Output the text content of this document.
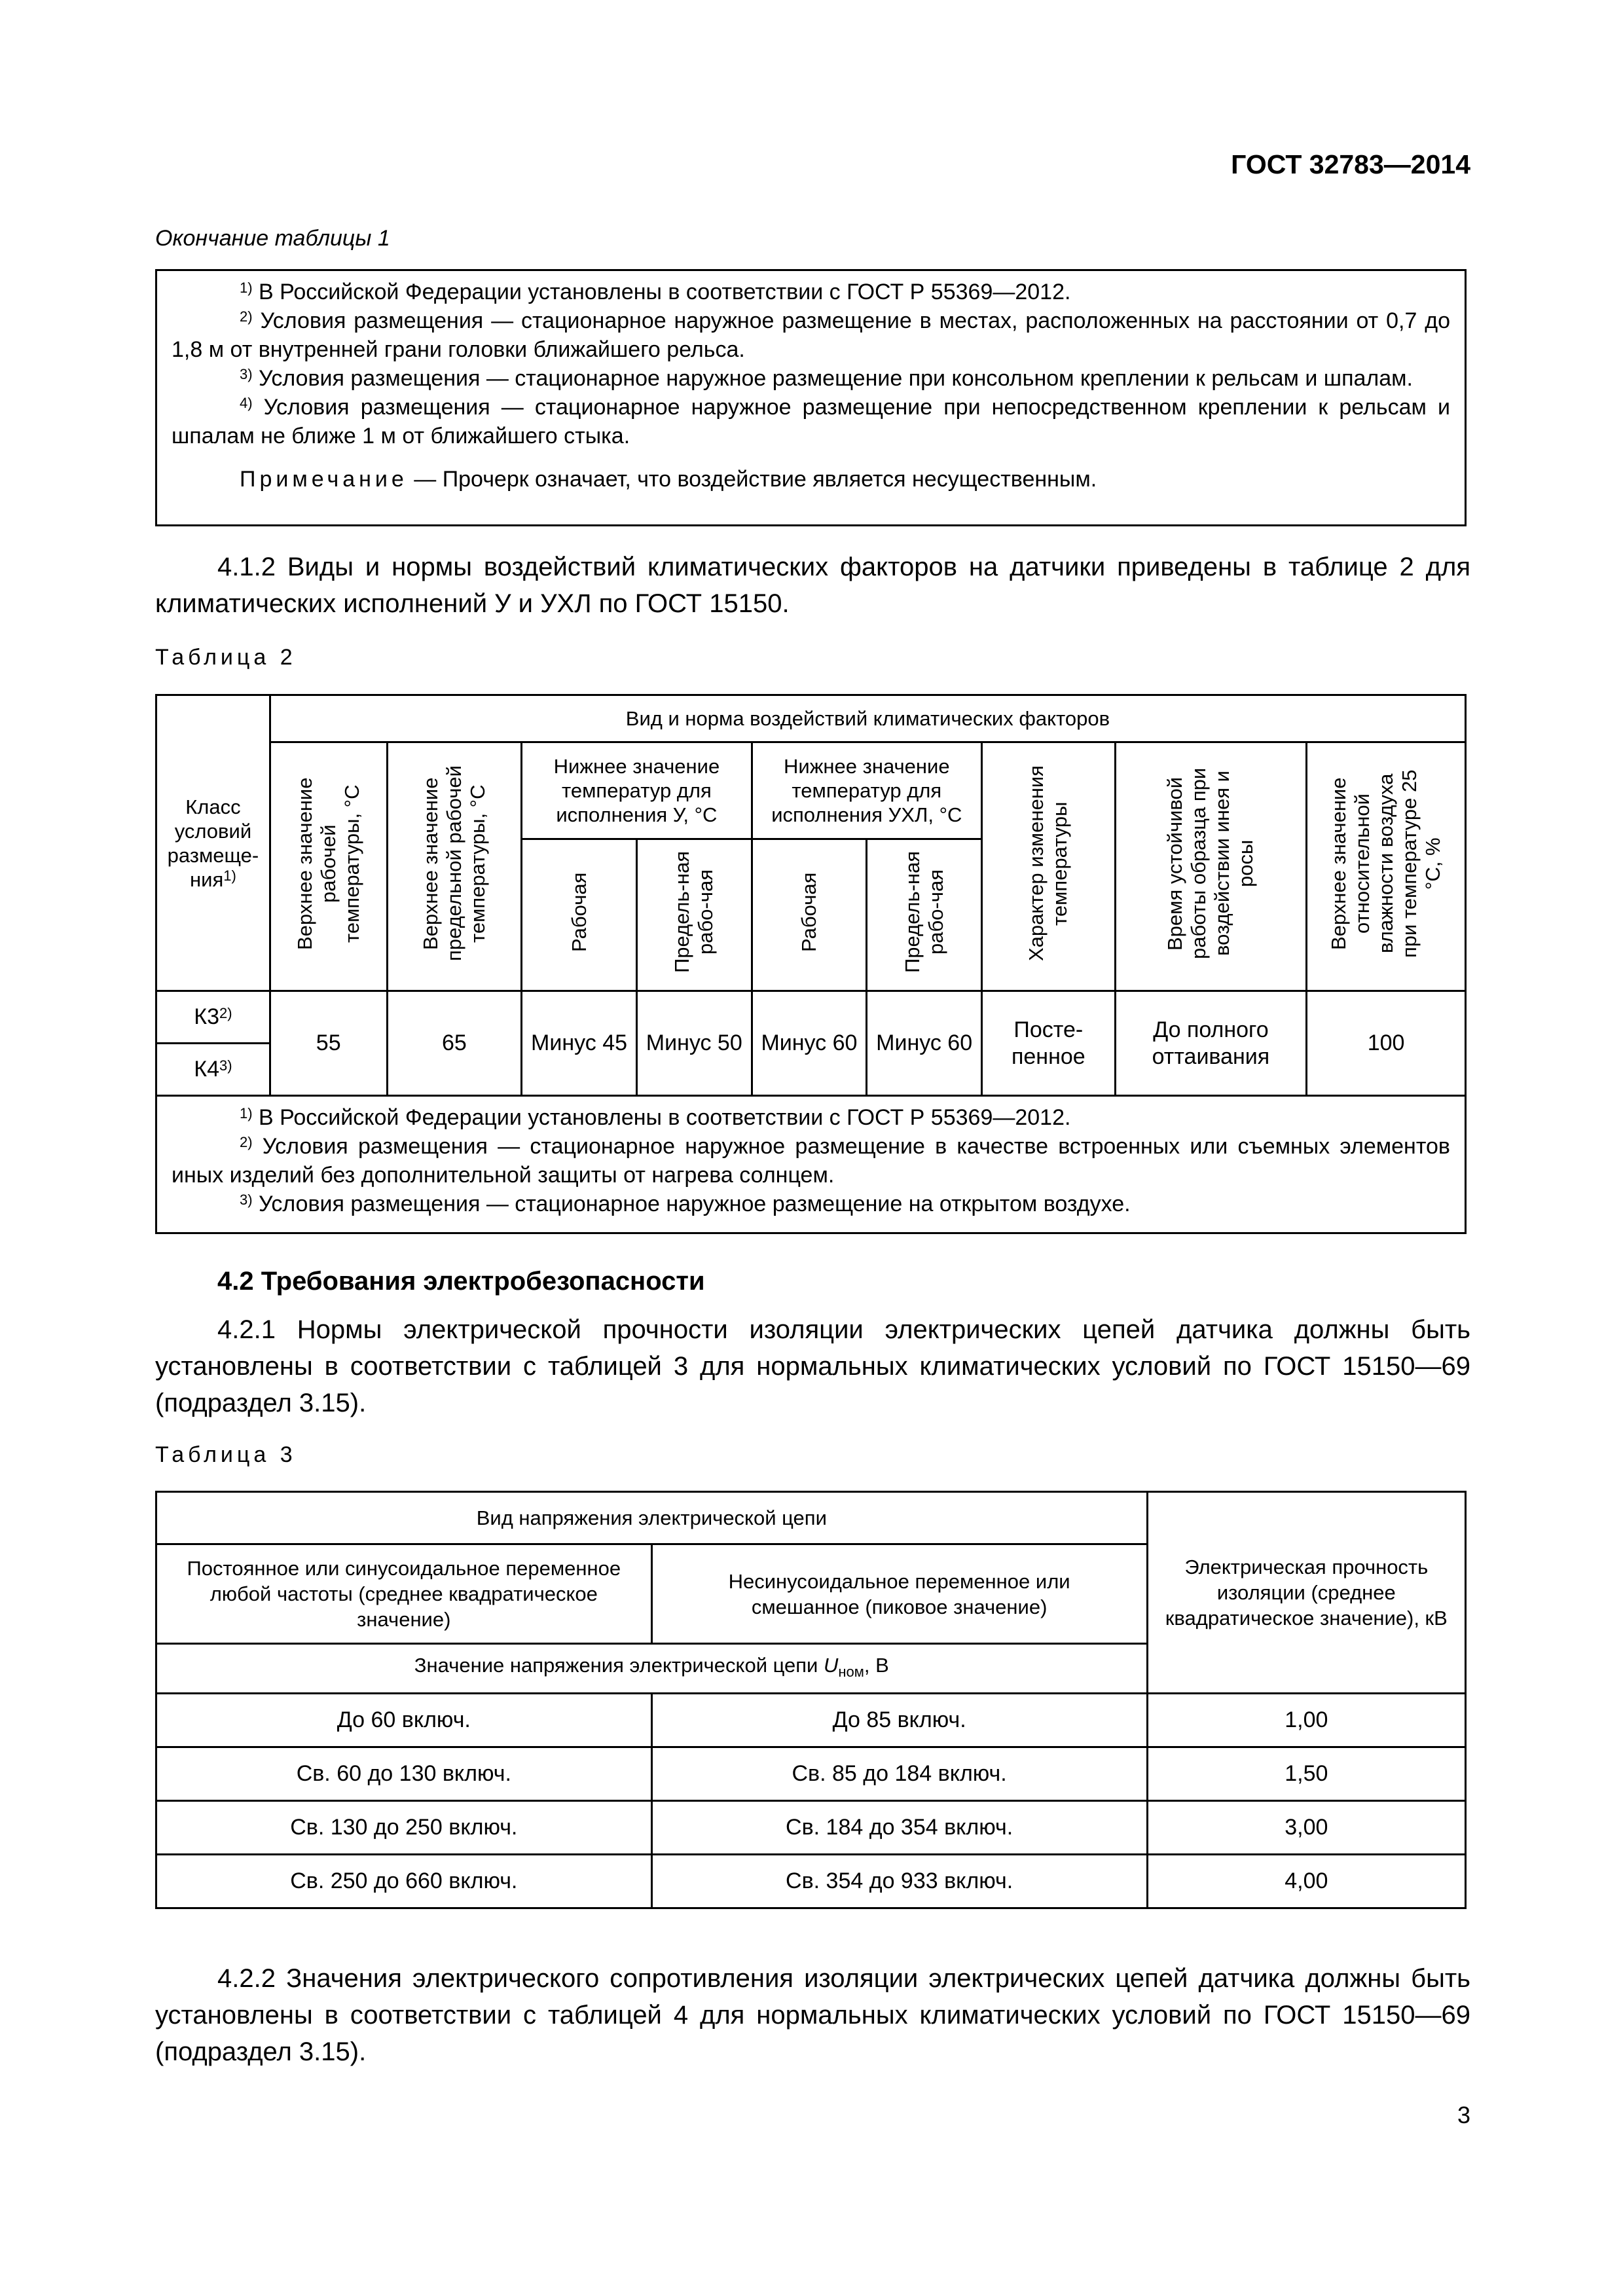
ГОСТ 32783—2014
Окончание таблицы 1
$^{1)}$ В Российской Федерации установлены в соответствии с ГОСТ Р 55369—2012.
$^{2)}$ Условия размещения — стационарное наружное размещение в местах, расположенных на расстоянии от 0,7 до 1,8 м от внутренней грани головки ближайшего рельса.
$^{3)}$ Условия размещения — стационарное наружное размещение при консольном креплении к рельсам и шпалам.
$^{4)}$ Условия размещения — стационарное наружное размещение при непосредственном креплении к рельсам и шпалам не ближе 1 м от ближайшего стыка.
Примечание — Прочерк означает, что воздействие является несущественным.
4.1.2 Виды и нормы воздействий климатических факторов на датчики приведены в таблице 2 для климатических исполнений У и УХЛ по ГОСТ 15150.
Таблица 2
Класс условий размеще-ния$^{1)}$	Вид и норма воздействий климатических факторов								
	Верхнее значение рабочей температуры, °С	Верхнее значение предельной рабочей температуры, °С	Нижнее значение температур для исполнения У, °С		Нижнее значение температур для исполнения УХЛ, °С		Характер изменения температуры	Время устойчивой работы образца при воздействии инея и росы	Верхнее значение относительной влажности воздуха при температуре 25 °С, %
			Рабочая	Предель-ная рабо-чая	Рабочая	Предель-ная рабо-чая			
К3$^{2)}$	55	65	Минус 45	Минус 50	Минус 60	Минус 60	Посте-пенное	До полного оттаивания	100
К4$^{3)}$

$^{1)}$ В Российской Федерации установлены в соответствии с ГОСТ Р 55369—2012.
$^{2)}$ Условия размещения — стационарное наружное размещение в качестве встроенных или съемных элементов иных изделий без дополнительной защиты от нагрева солнцем.
$^{3)}$ Условия размещения — стационарное наружное размещение на открытом воздухе.									
4.2 Требования электробезопасности
4.2.1 Нормы электрической прочности изоляции электрических цепей датчика должны быть установлены в соответствии с таблицей 3 для нормальных климатических условий по ГОСТ 15150—69 (подраздел 3.15).
Таблица 3
Вид напряжения электрической цепи		Электрическая прочность изоляции (среднее квадратическое значение), кВ
Постоянное или синусоидальное переменное любой частоты (среднее квадратическое значение)	Несинусоидальное переменное или смешанное (пиковое значение)	
Значение напряжения электрической цепи $U_{ном}$, В		
До 60 включ.	До 85 включ.	1,00
Св. 60 до 130 включ.	Св. 85 до 184 включ.	1,50
Св. 130 до 250 включ.	Св. 184 до 354 включ.	3,00
Св. 250 до 660 включ.	Св. 354 до 933 включ.	4,00
4.2.2 Значения электрического сопротивления изоляции электрических цепей датчика должны быть установлены в соответствии с таблицей 4 для нормальных климатических условий по ГОСТ 15150—69 (подраздел 3.15).
3
